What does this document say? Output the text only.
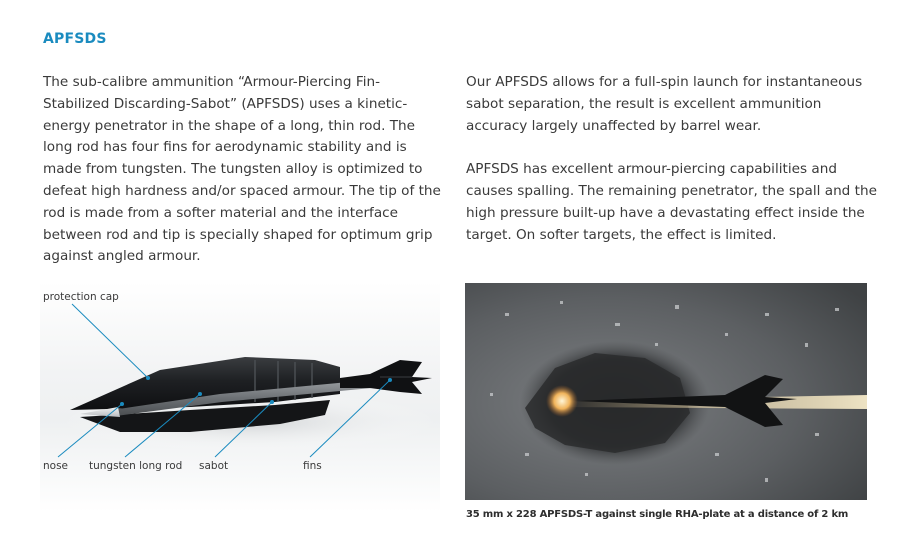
APFSDS

The sub-calibre ammunition “Armour-Piercing Fin-Stabilized Discarding-Sabot” (APFSDS) uses a kinetic-energy penetrator in the shape of a long, thin rod. The long rod has four fins for aerodynamic stability and is made from tungsten. The tungsten alloy is optimized to defeat high hardness and/or spaced armour. The tip of the rod is made from a softer material and the interface between rod and tip is specially shaped for optimum grip against angled armour.

Our APFSDS allows for a full-spin launch for instantaneous sabot separation, the result is excellent ammunition accuracy largely unaffected by barrel wear.

APFSDS has excellent armour-piercing capabilities and causes spalling. The remaining penetrator, the spall and the high pressure built-up have a devastating effect inside the target. On softer targets, the effect is limited.

protection cap
nose tungsten long rod sabot	fins
35 mm x 228 APFSDS-T against single RHA-plate at a distance of 2 km
